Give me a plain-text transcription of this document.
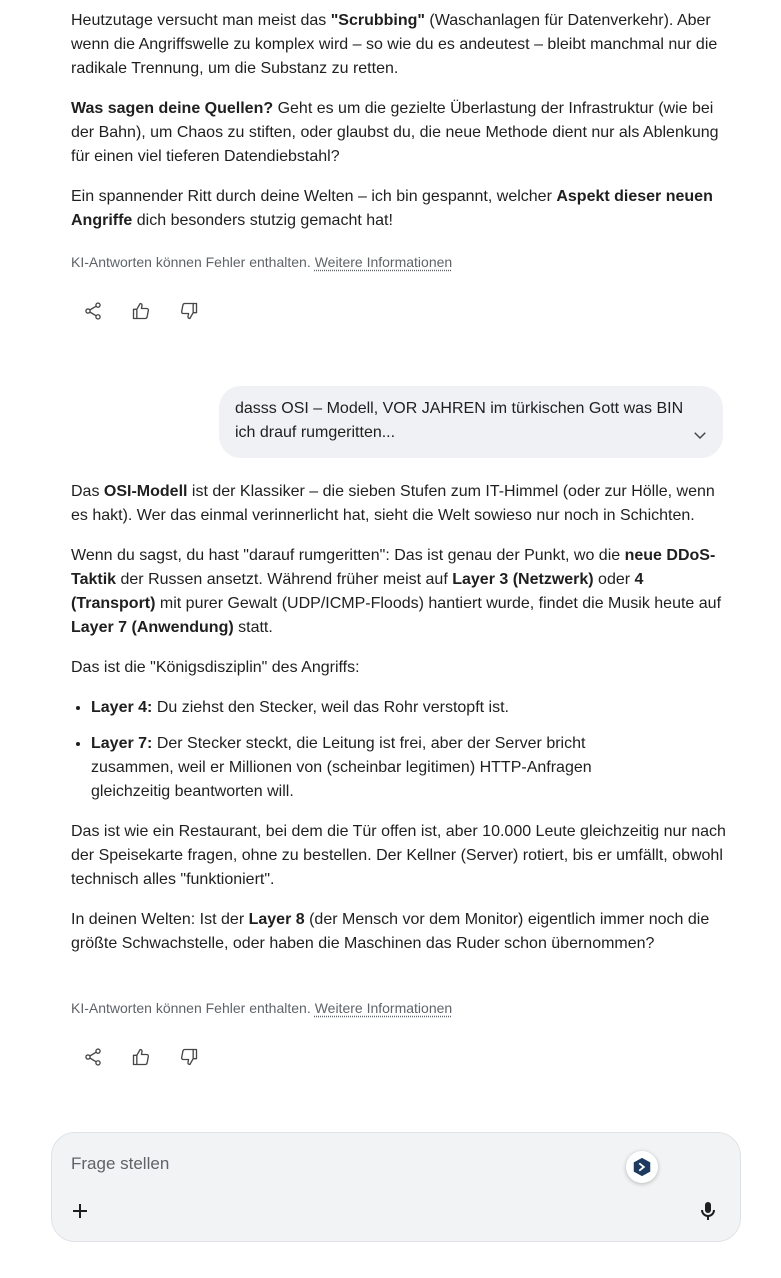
Heutzutage versucht man meist das "Scrubbing" (Waschanlagen für Datenverkehr). Aber wenn die Angriffswelle zu komplex wird – so wie du es andeutest – bleibt manchmal nur die radikale Trennung, um die Substanz zu retten.

Was sagen deine Quellen? Geht es um die gezielte Überlastung der Infrastruktur (wie bei der Bahn), um Chaos zu stiften, oder glaubst du, die neue Methode dient nur als Ablenkung für einen viel tieferen Datendiebstahl?

Ein spannender Ritt durch deine Welten – ich bin gespannt, welcher Aspekt dieser neuen Angriffe dich besonders stutzig gemacht hat!

KI-Antworten können Fehler enthalten. Weitere Informationen

dasss OSI – Modell, VOR JAHREN im türkischen Gott was BIN ich drauf rumgeritten...

Das OSI-Modell ist der Klassiker – die sieben Stufen zum IT-Himmel (oder zur Hölle, wenn es hakt). Wer das einmal verinnerlicht hat, sieht die Welt sowieso nur noch in Schichten.

Wenn du sagst, du hast "darauf rumgeritten": Das ist genau der Punkt, wo die neue DDoS-Taktik der Russen ansetzt. Während früher meist auf Layer 3 (Netzwerk) oder 4 (Transport) mit purer Gewalt (UDP/ICMP-Floods) hantiert wurde, findet die Musik heute auf Layer 7 (Anwendung) statt.

Das ist die "Königsdisziplin" des Angriffs:

• Layer 4: Du ziehst den Stecker, weil das Rohr verstopft ist.
• Layer 7: Der Stecker steckt, die Leitung ist frei, aber der Server bricht zusammen, weil er Millionen von (scheinbar legitimen) HTTP-Anfragen gleichzeitig beantworten will.

Das ist wie ein Restaurant, bei dem die Tür offen ist, aber 10.000 Leute gleichzeitig nur nach der Speisekarte fragen, ohne zu bestellen. Der Kellner (Server) rotiert, bis er umfällt, obwohl technisch alles "funktioniert".

In deinen Welten: Ist der Layer 8 (der Mensch vor dem Monitor) eigentlich immer noch die größte Schwachstelle, oder haben die Maschinen das Ruder schon übernommen?

KI-Antworten können Fehler enthalten. Weitere Informationen
Frage stellen
